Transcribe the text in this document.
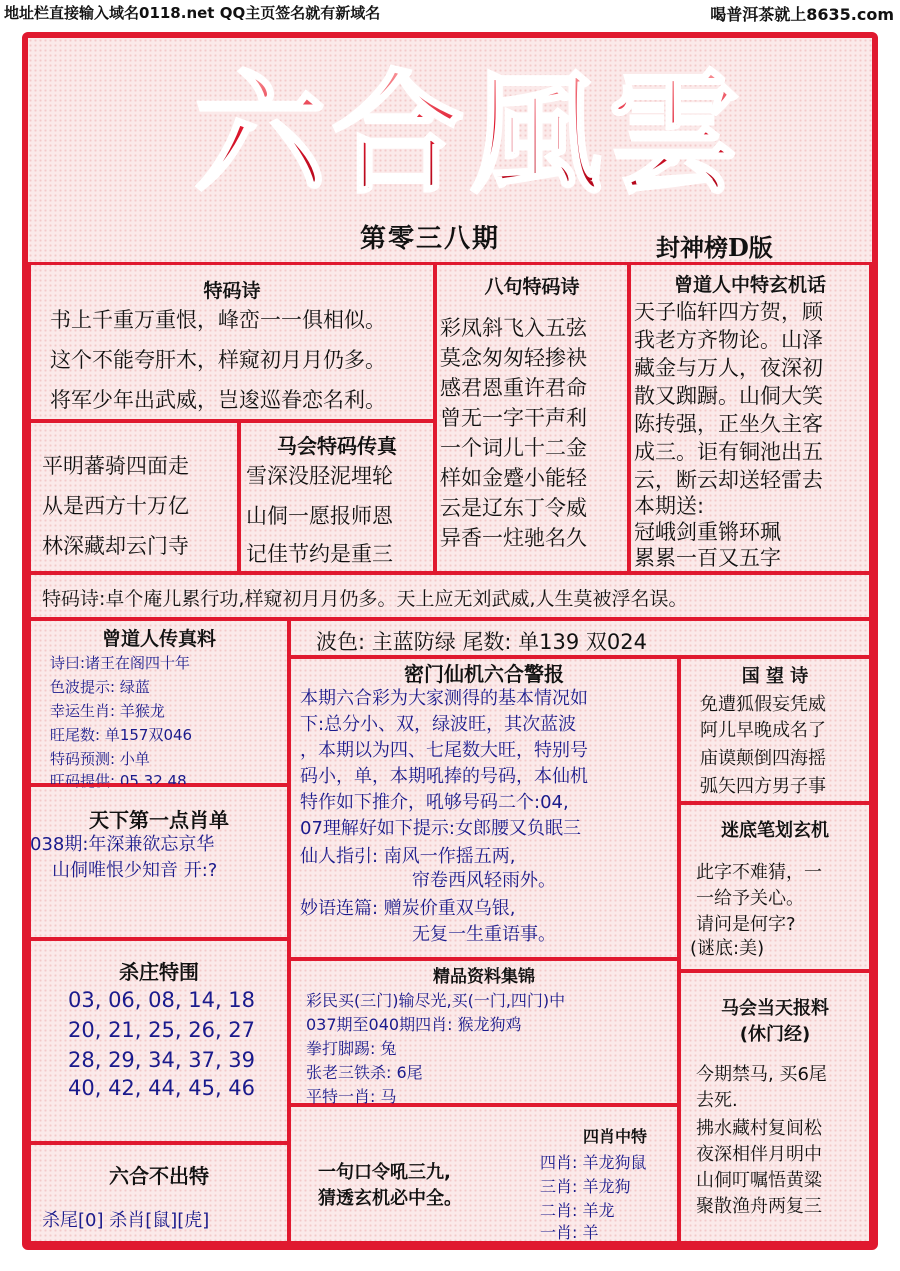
地址栏直接输入域名0118.net QQ主页签名就有新域名	喝普洱茶就上8635.com
六合風雲
第零三八期	封神榜D版
特码诗
书上千重万重恨，峰峦一一俱相似。
这个不能夸肝木，样窥初月月仍多。
将军少年出武威，岂逡巡眷恋名利。
八句特码诗
彩凤斜飞入五弦
莫念匆匆轻掺袂
感君恩重许君命
曾无一字干声利
一个词儿十二金
样如金蹙小能轻
云是辽东丁令威
异香一炷驰名久
曾道人中特玄机话
天子临轩四方贺，顾
我老方齐物论。山泽
藏金与万人，夜深初
散又踟蹰。山侗大笑
陈抟强，正坐久主客
成三。讵有铜池出五
云，断云却送轻雷去
本期送:
冠峨剑重锵环珮
累累一百又五字
平明蕃骑四面走
从是西方十万亿
林深藏却云门寺
马会特码传真
雪深没胫泥埋轮
山侗一愿报师恩
记佳节约是重三
特码诗:卓个庵儿累行功,样窥初月月仍多。天上应无刘武威,人生莫被浮名误。
曾道人传真料
诗曰:诸王在阁四十年
色波提示: 绿蓝
幸运生肖: 羊猴龙
旺尾数: 单157双046
特码预测: 小单
旺码提供: 05 32 48
天下第一点肖单
038期:年深兼欲忘京华
山侗唯恨少知音 开:?
杀庄特围
03, 06, 08, 14, 18
20, 21, 25, 26, 27
28, 29, 34, 37, 39
40, 42, 44, 45, 46
六合不出特
杀尾[0] 杀肖[鼠][虎]
波色: 主蓝防绿 尾数: 单139 双024
密门仙机六合警报
本期六合彩为大家测得的基本情况如
下:总分小、双，绿波旺，其次蓝波
，本期以为四、七尾数大旺，特别号
码小，单，本期吼捧的号码，本仙机
特作如下推介，吼够号码二个:04,
07理解好如下提示:女郎腰又负眠三
仙人指引: 南风一作摇五两,
帘卷西风轻雨外。
妙语连篇: 赠炭价重双乌银,
无复一生重语事。
精品资料集锦
彩民买(三门)输尽光,买(一门,四门)中
037期至040期四肖: 猴龙狗鸡
拳打脚踢: 兔
张老三铁杀: 6尾
平特一肖: 马
一句口令吼三九,
猜透玄机必中全。
四肖中特
四肖: 羊龙狗鼠
三肖: 羊龙狗
二肖: 羊龙
一肖: 羊
国 望 诗
免遭狐假妄凭威
阿儿早晚成名了
庙谟颠倒四海摇
弧矢四方男子事
迷底笔划玄机
此字不难猜，一
一给予关心。
请问是何字?
(谜底:美)
马会当天报料
(休门经)
今期禁马, 买6尾
去死.
拂水藏村复间松
夜深相伴月明中
山侗叮嘱悟黄粱
聚散渔舟两复三
